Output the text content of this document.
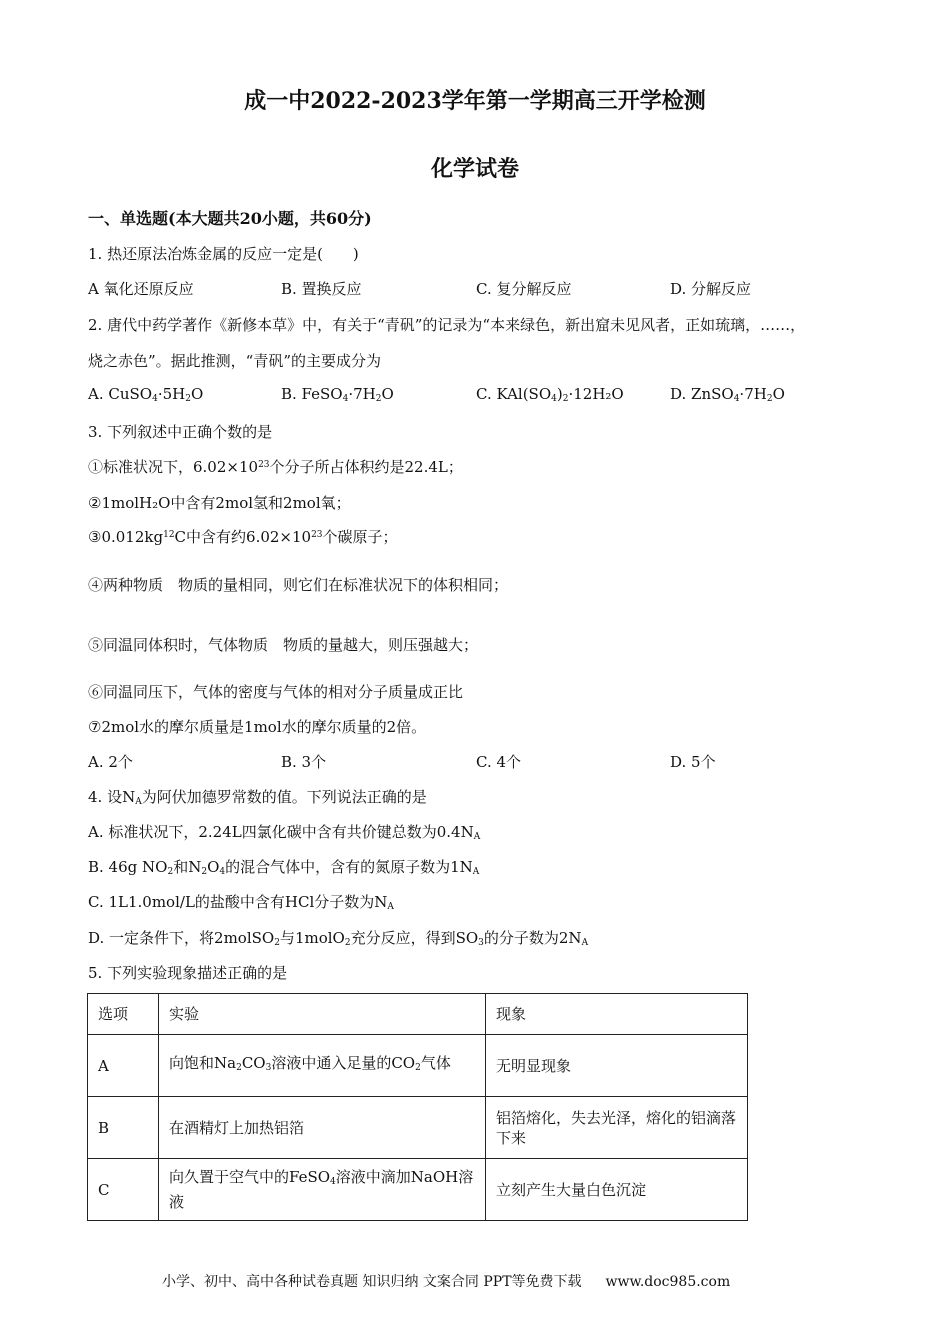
成一中2022-2023学年第一学期高三开学检测
化学试卷
一、单选题(本大题共20小题，共60分)
1. 热还原法冶炼金属的反应一定是(　　)
A 氧化还原反应	B. 置换反应	C. 复分解反应	D. 分解反应
2. 唐代中药学著作《新修本草》中，有关于“青矾”的记录为“本来绿色，新出窟未见风者，正如琉璃，……，
烧之赤色”。据此推测，“青矾”的主要成分为
A. $CuSO_4\cdot 5H_2O$	B. $FeSO_4\cdot 7H_2O$	C. $KAl(SO_4)_2\cdot 12H_2O$	D. $ZnSO_4\cdot 7H_2O$
3. 下列叙述中正确个数的是
①标准状况下，$6.02\times 10^{23}$个分子所占体积约是22.4L；
②1molH₂O中含有2mol氢和2mol氧；
$③0.012kg^{12}C$中含有约$6.02\times 10^{23}$个碳原子；
④两种物质　物质的量相同，则它们在标准状况下的体积相同；
⑤同温同体积时，气体物质　物质的量越大，则压强越大；
⑥同温同压下，气体的密度与气体的相对分子质量成正比
⑦2mol水的摩尔质量是1mol水的摩尔质量的2倍。
A. 2个	B. 3个	C. 4个	D. 5个
4. 设$N_A$为阿伏加德罗常数的值。下列说法正确的是
A. 标准状况下，2.24L四氯化碳中含有共价键总数为$0.4N_A$
B. 46g $NO_2$和$N_2O_4$的混合气体中，含有的氮原子数为$1N_A$
C. 1L1.0mol/L的盐酸中含有HCl分子数为$N_A$
D. 一定条件下，将2molSO$_2$与1molO$_2$充分反应，得到$SO_3$的分子数为$2N_A$
5. 下列实验现象描述正确的是
选项	实验	现象
A	向饱和$Na_2CO_3$溶液中通入足量的$CO_2$气体	无明显现象
B	在酒精灯上加热铝箔	铝箔熔化，失去光泽，熔化的铝滴落下来
C	向久置于空气中的FeSO$_4$溶液中滴加NaOH溶液	立刻产生大量白色沉淀
小学、初中、高中各种试卷真题 知识归纳 文案合同 PPT等免费下载 www.doc985.com
